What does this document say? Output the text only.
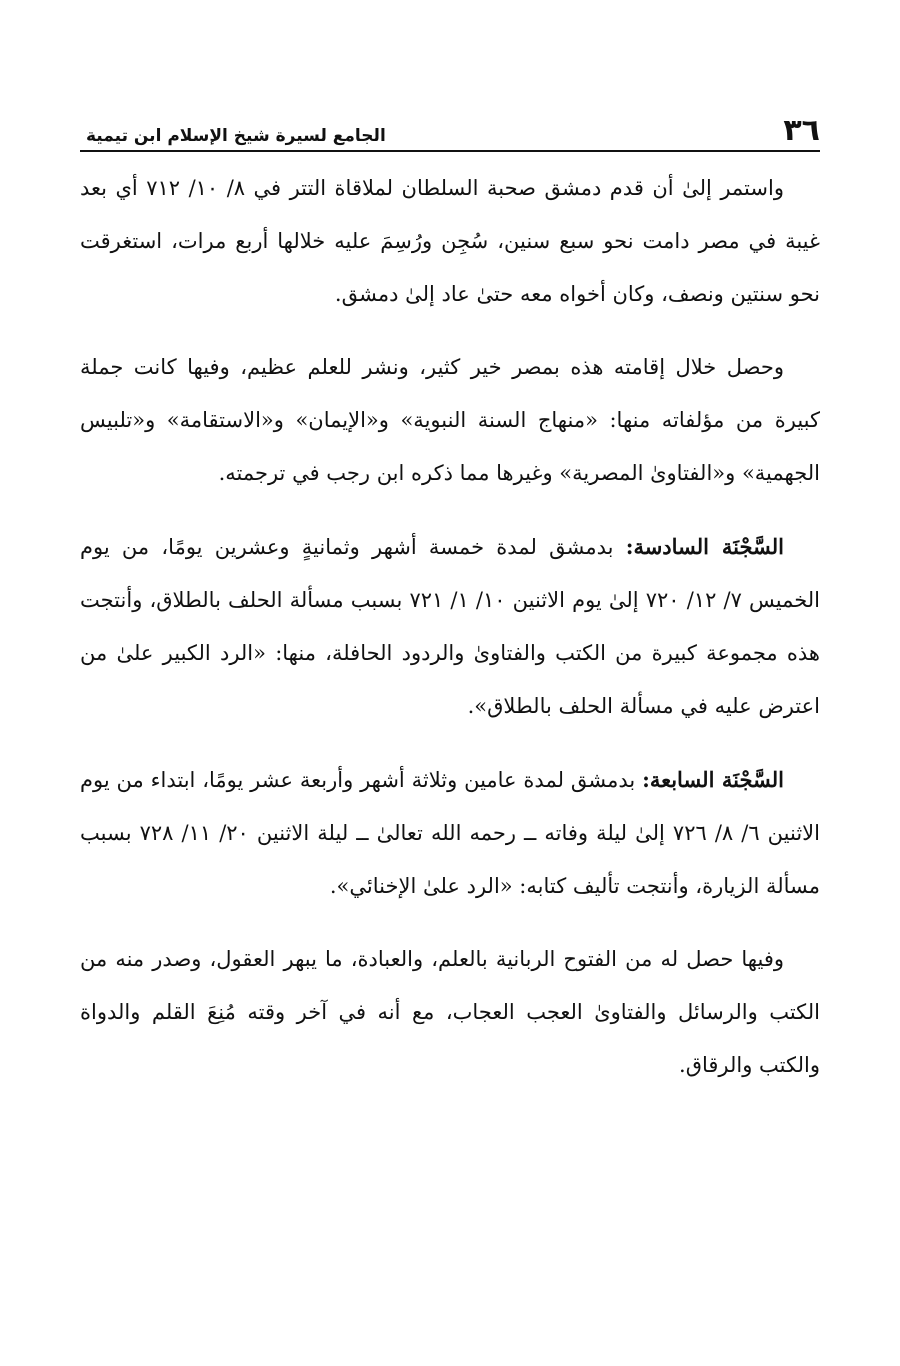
٣٦
الجامع لسيرة شيخ الإسلام ابن تيمية

واستمر إلىٰ أن قدم دمشق صحبة السلطان لملاقاة التتر في ٨/ ١٠/ ٧١٢ أي بعد غيبة في مصر دامت نحو سبع سنين، سُجِن ورُسِمَ عليه خلالها أربع مرات، استغرقت نحو سنتين ونصف، وكان أخواه معه حتىٰ عاد إلىٰ دمشق.

وحصل خلال إقامته هذه بمصر خير كثير، ونشر للعلم عظيم، وفيها كانت جملة كبيرة من مؤلفاته منها: «منهاج السنة النبوية» و«الإيمان» و«الاستقامة» و«تلبيس الجهمية» و«الفتاوىٰ المصرية» وغيرها مما ذكره ابن رجب في ترجمته.

السَّجْنَة السادسة: بدمشق لمدة خمسة أشهر وثمانيةٍ وعشرين يومًا، من يوم الخميس ٧/ ١٢/ ٧٢٠ إلىٰ يوم الاثنين ١٠/ ١/ ٧٢١ بسبب مسألة الحلف بالطلاق، وأنتجت هذه مجموعة كبيرة من الكتب والفتاوىٰ والردود الحافلة، منها: «الرد الكبير علىٰ من اعترض عليه في مسألة الحلف بالطلاق».

السَّجْنَة السابعة: بدمشق لمدة عامين وثلاثة أشهر وأربعة عشر يومًا، ابتداء من يوم الاثنين ٦/ ٨/ ٧٢٦ إلىٰ ليلة وفاته ــ رحمه الله تعالىٰ ــ ليلة الاثنين ٢٠/ ١١/ ٧٢٨ بسبب مسألة الزيارة، وأنتجت تأليف كتابه: «الرد علىٰ الإخنائي».

وفيها حصل له من الفتوح الربانية بالعلم، والعبادة، ما يبهر العقول، وصدر منه من الكتب والرسائل والفتاوىٰ العجب العجاب، مع أنه في آخر وقته مُنِعَ القلم والدواة والكتب والرقاق.
